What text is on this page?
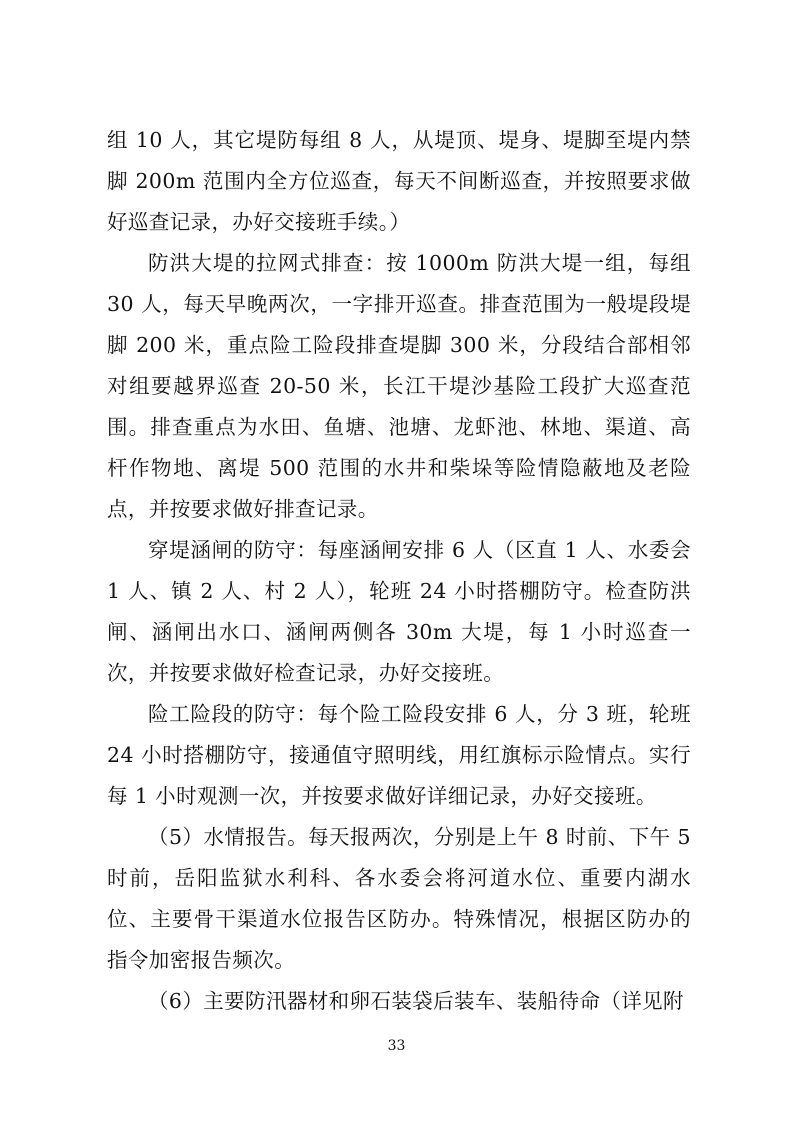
组 10 人，其它堤防每组 8 人，从堤顶、堤身、堤脚至堤内禁脚 200m 范围内全方位巡查，每天不间断巡查，并按照要求做好巡查记录，办好交接班手续。）

防洪大堤的拉网式排查：按 1000m 防洪大堤一组，每组 30 人，每天早晚两次，一字排开巡查。排查范围为一般堤段堤脚 200 米，重点险工险段排查堤脚 300 米，分段结合部相邻对组要越界巡查 20-50 米，长江干堤沙基险工段扩大巡查范围。排查重点为水田、鱼塘、池塘、龙虾池、林地、渠道、高杆作物地、离堤 500 范围的水井和柴垛等险情隐蔽地及老险点，并按要求做好排查记录。

穿堤涵闸的防守：每座涵闸安排 6 人（区直 1 人、水委会 1 人、镇 2 人、村 2 人），轮班 24 小时搭棚防守。检查防洪闸、涵闸出水口、涵闸两侧各 30m 大堤，每 1 小时巡查一次，并按要求做好检查记录，办好交接班。

险工险段的防守：每个险工险段安排 6 人，分 3 班，轮班 24 小时搭棚防守，接通值守照明线，用红旗标示险情点。实行每 1 小时观测一次，并按要求做好详细记录，办好交接班。

（5）水情报告。每天报两次，分别是上午 8 时前、下午 5 时前，岳阳监狱水利科、各水委会将河道水位、重要内湖水位、主要骨干渠道水位报告区防办。特殊情况，根据区防办的指令加密报告频次。

（6）主要防汛器材和卵石装袋后装车、装船待命（详见附

33
